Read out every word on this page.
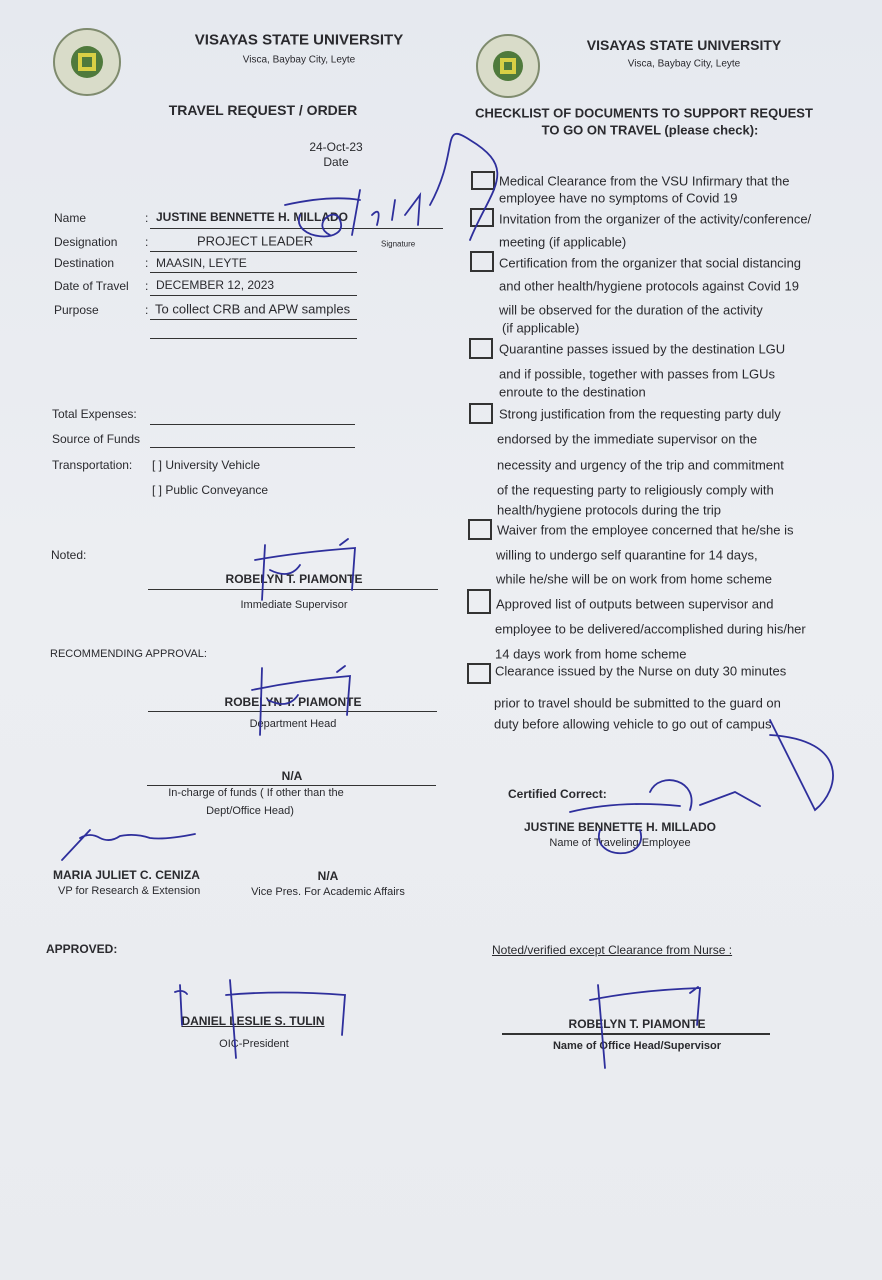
VISAYAS STATE UNIVERSITY
Visca, Baybay City, Leyte
TRAVEL REQUEST / ORDER
24-Oct-23
Date
VISAYAS STATE UNIVERSITY
Visca, Baybay City, Leyte
CHECKLIST OF DOCUMENTS TO SUPPORT REQUEST
TO GO ON TRAVEL (please check):
Name	: JUSTINE BENNETTE H. MILLADO
Signature
Designation :	PROJECT LEADER
Destination	: MAASIN, LEYTE
Date of Travel : DECEMBER 12, 2023
Purpose	: To collect CRB and APW samples
Total Expenses:
Source of Funds
Transportation: [ ] University Vehicle
[ ] Public Conveyance
Noted:
ROBELYN T. PIAMONTE
Immediate Supervisor
RECOMMENDING APPROVAL:
ROBELYN T. PIAMONTE
Department Head
N/A
In-charge of funds ( If other than the
Dept/Office Head)
MARIA JULIET C. CENIZA
VP for Research & Extension
N/A
Vice Pres. For Academic Affairs
APPROVED:
DANIEL LESLIE S. TULIN
OIC-President
Medical Clearance from the VSU Infirmary that the
employee have no symptoms of Covid 19
Invitation from the organizer of the activity/conference/
meeting (if applicable)
Certification from the organizer that social distancing
and other health/hygiene protocols against Covid 19
will be observed for the duration of the activity
(if applicable)
Quarantine passes issued by the destination LGU
and if possible, together with passes from LGUs
enroute to the destination
Strong justification from the requesting party duly
endorsed by the immediate supervisor on the
necessity and urgency of the trip and commitment
of the requesting party to religiously comply with
health/hygiene protocols during the trip
Waiver from the employee concerned that he/she is
willing to undergo self quarantine for 14 days,
while he/she will be on work from home scheme
Approved list of outputs between supervisor and
employee to be delivered/accomplished during his/her
14 days work from home scheme
Clearance issued by the Nurse on duty 30 minutes
prior to travel should be submitted to the guard on
duty before allowing vehicle to go out of campus
Certified Correct:
JUSTINE BENNETTE H. MILLADO
Name of Traveling Employee
Noted/verified except Clearance from Nurse :
ROBELYN T. PIAMONTE
Name of Office Head/Supervisor
